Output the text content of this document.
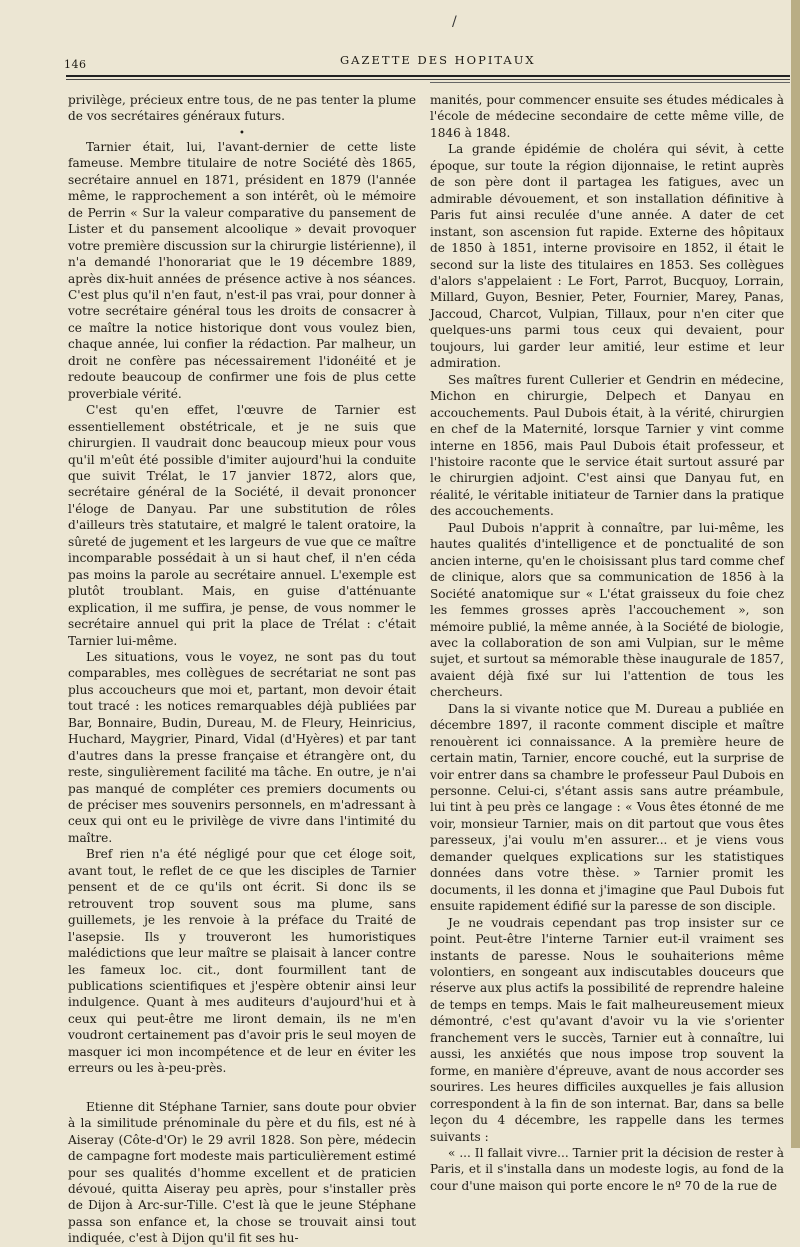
/
146	GAZETTE DES HOPITAUX

privilège, précieux entre tous, de ne pas tenter la plume de vos secrétaires généraux futurs.

•

Tarnier était, lui, l'avant-dernier de cette liste fameuse. Membre titulaire de notre Société dès 1865, secrétaire annuel en 1871, président en 1879 (l'année même, le rapprochement a son intérêt, où le mémoire de Perrin « Sur la valeur comparative du pansement de Lister et du pansement alcoolique » devait provoquer votre première discussion sur la chirurgie listérienne), il n'a demandé l'honorariat que le 19 décembre 1889, après dix-huit années de présence active à nos séances. C'est plus qu'il n'en faut, n'est-il pas vrai, pour donner à votre secrétaire général tous les droits de consacrer à ce maître la notice historique dont vous voulez bien, chaque année, lui confier la rédaction. Par malheur, un droit ne confère pas nécessairement l'idonéité et je redoute beaucoup de confirmer une fois de plus cette proverbiale vérité.

C'est qu'en effet, l'œuvre de Tarnier est essentiellement obstétricale, et je ne suis que chirurgien. Il vaudrait donc beaucoup mieux pour vous qu'il m'eût été possible d'imiter aujourd'hui la conduite que suivit Trélat, le 17 janvier 1872, alors que, secrétaire général de la Société, il devait prononcer l'éloge de Danyau. Par une substitution de rôles d'ailleurs très statutaire, et malgré le talent oratoire, la sûreté de jugement et les largeurs de vue que ce maître incomparable possédait à un si haut chef, il n'en céda pas moins la parole au secrétaire annuel. L'exemple est plutôt troublant. Mais, en guise d'atténuante explication, il me suffira, je pense, de vous nommer le secrétaire annuel qui prit la place de Trélat : c'était Tarnier lui-même.

Les situations, vous le voyez, ne sont pas du tout comparables, mes collègues de secrétariat ne sont pas plus accoucheurs que moi et, partant, mon devoir était tout tracé : les notices remarquables déjà publiées par Bar, Bonnaire, Budin, Dureau, M. de Fleury, Heinricius, Huchard, Maygrier, Pinard, Vidal (d'Hyères) et par tant d'autres dans la presse française et étrangère ont, du reste, singulièrement facilité ma tâche. En outre, je n'ai pas manqué de compléter ces premiers documents ou de préciser mes souvenirs personnels, en m'adressant à ceux qui ont eu le privilège de vivre dans l'intimité du maître.

Bref rien n'a été négligé pour que cet éloge soit, avant tout, le reflet de ce que les disciples de Tarnier pensent et de ce qu'ils ont écrit. Si donc ils se retrouvent trop souvent sous ma plume, sans guillemets, je les renvoie à la préface du Traité de l'asepsie. Ils y trouveront les humoristiques malédictions que leur maître se plaisait à lancer contre les fameux loc. cit., dont fourmillent tant de publications scientifiques et j'espère obtenir ainsi leur indulgence. Quant à mes auditeurs d'aujourd'hui et à ceux qui peut-être me liront demain, ils ne m'en voudront certainement pas d'avoir pris le seul moyen de masquer ici mon incompétence et de leur en éviter les erreurs ou les à-peu-près.

Etienne dit Stéphane Tarnier, sans doute pour obvier à la similitude prénominale du père et du fils, est né à Aiseray (Côte-d'Or) le 29 avril 1828. Son père, médecin de campagne fort modeste mais particulièrement estimé pour ses qualités d'homme excellent et de praticien dévoué, quitta Aiseray peu après, pour s'installer près de Dijon à Arc-sur-Tille. C'est là que le jeune Stéphane passa son enfance et, la chose se trouvait ainsi tout indiquée, c'est à Dijon qu'il fit ses hu-

manités, pour commencer ensuite ses études médicales à l'école de médecine secondaire de cette même ville, de 1846 à 1848.

La grande épidémie de choléra qui sévit, à cette époque, sur toute la région dijonnaise, le retint auprès de son père dont il partagea les fatigues, avec un admirable dévouement, et son installation définitive à Paris fut ainsi reculée d'une année. A dater de cet instant, son ascension fut rapide. Externe des hôpitaux de 1850 à 1851, interne provisoire en 1852, il était le second sur la liste des titulaires en 1853. Ses collègues d'alors s'appelaient : Le Fort, Parrot, Bucquoy, Lorrain, Millard, Guyon, Besnier, Peter, Fournier, Marey, Panas, Jaccoud, Charcot, Vulpian, Tillaux, pour n'en citer que quelques-uns parmi tous ceux qui devaient, pour toujours, lui garder leur amitié, leur estime et leur admiration.

Ses maîtres furent Cullerier et Gendrin en médecine, Michon en chirurgie, Delpech et Danyau en accouchements. Paul Dubois était, à la vérité, chirurgien en chef de la Maternité, lorsque Tarnier y vint comme interne en 1856, mais Paul Dubois était professeur, et l'histoire raconte que le service était surtout assuré par le chirurgien adjoint. C'est ainsi que Danyau fut, en réalité, le véritable initiateur de Tarnier dans la pratique des accouchements.

Paul Dubois n'apprit à connaître, par lui-même, les hautes qualités d'intelligence et de ponctualité de son ancien interne, qu'en le choisissant plus tard comme chef de clinique, alors que sa communication de 1856 à la Société anatomique sur « L'état graisseux du foie chez les femmes grosses après l'accouchement », son mémoire publié, la même année, à la Société de biologie, avec la collaboration de son ami Vulpian, sur le même sujet, et surtout sa mémorable thèse inaugurale de 1857, avaient déjà fixé sur lui l'attention de tous les chercheurs.

Dans la si vivante notice que M. Dureau a publiée en décembre 1897, il raconte comment disciple et maître renouèrent ici connaissance. A la première heure de certain matin, Tarnier, encore couché, eut la surprise de voir entrer dans sa chambre le professeur Paul Dubois en personne. Celui-ci, s'étant assis sans autre préambule, lui tint à peu près ce langage : « Vous êtes étonné de me voir, monsieur Tarnier, mais on dit partout que vous êtes paresseux, j'ai voulu m'en assurer... et je viens vous demander quelques explications sur les statistiques données dans votre thèse. » Tarnier promit les documents, il les donna et j'imagine que Paul Dubois fut ensuite rapidement édifié sur la paresse de son disciple.

Je ne voudrais cependant pas trop insister sur ce point. Peut-être l'interne Tarnier eut-il vraiment ses instants de paresse. Nous le souhaiterions même volontiers, en songeant aux indiscutables douceurs que réserve aux plus actifs la possibilité de reprendre haleine de temps en temps. Mais le fait malheureusement mieux démontré, c'est qu'avant d'avoir vu la vie s'orienter franchement vers le succès, Tarnier eut à connaître, lui aussi, les anxiétés que nous impose trop souvent la forme, en manière d'épreuve, avant de nous accorder ses sourires. Les heures difficiles auxquelles je fais allusion correspondent à la fin de son internat. Bar, dans sa belle leçon du 4 décembre, les rappelle dans les termes suivants :

« ... Il fallait vivre... Tarnier prit la décision de rester à Paris, et il s'installa dans un modeste logis, au fond de la cour d'une maison qui porte encore le nº 70 de la rue de
